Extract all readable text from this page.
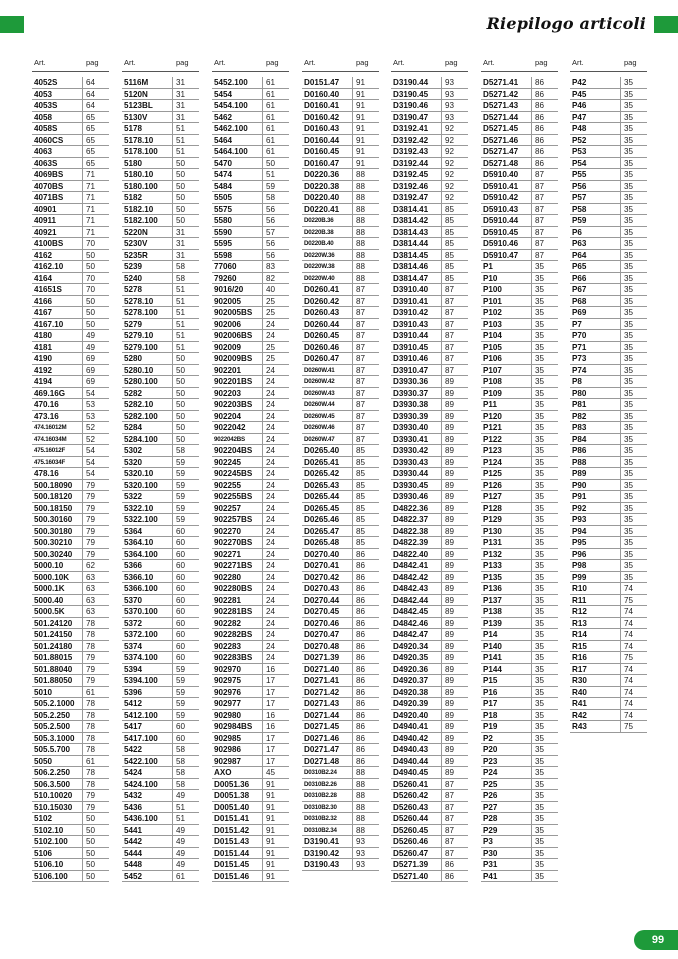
Riepilogo articoli
Art.	pag
4052S	64
4053	64
4053S	64
4058	65
4058S	65
4060CS	65
4063	65
4063S	65
4069BS	71
4070BS	71
4071BS	71
40901	71
40911	71
40921	71
4100BS	70
4162	50
4162.10	50
4164	70
41651S	70
4166	50
4167	50
4167.10	50
4180	49
4181	49
4190	69
4192	69
4194	69
469.16G	54
470.16	53
473.16	53
474.16012M	52
474.16034M	52
475.16012F	54
475.16034F	54
478.16	54
500.18090	79
500.18120	79
500.18150	79
500.30160	79
500.30180	79
500.30210	79
500.30240	79
5000.10	62
5000.10K	63
5000.1K	63
5000.40	63
5000.5K	63
501.24120	78
501.24150	78
501.24180	78
501.88015	79
501.88040	79
501.88050	79
5010	61
505.2.1000	78
505.2.250	78
505.2.500	78
505.3.1000	78
505.5.700	78
5050	61
506.2.250	78
506.3.500	78
510.10020	79
510.15030	79
5102	50
5102.10	50
5102.100	50
5106	50
5106.10	50
5106.100	50
Art.	pag
5116M	31
5120N	31
5123BL	31
5130V	31
5178	51
5178.10	51
5178.100	51
5180	50
5180.10	50
5180.100	50
5182	50
5182.10	50
5182.100	50
5220N	31
5230V	31
5235R	31
5239	58
5240	58
5278	51
5278.10	51
5278.100	51
5279	51
5279.10	51
5279.100	51
5280	50
5280.10	50
5280.100	50
5282	50
5282.10	50
5282.100	50
5284	50
5284.100	50
5302	58
5320	59
5320.10	59
5320.100	59
5322	59
5322.10	59
5322.100	59
5364	60
5364.10	60
5364.100	60
5366	60
5366.10	60
5366.100	60
5370	60
5370.100	60
5372	60
5372.100	60
5374	60
5374.100	60
5394	59
5394.100	59
5396	59
5412	59
5412.100	59
5417	60
5417.100	60
5422	58
5422.100	58
5424	58
5424.100	58
5432	49
5436	51
5436.100	51
5441	49
5442	49
5444	49
5448	49
5452	61
Art.	pag
5452.100	61
5454	61
5454.100	61
5462	61
5462.100	61
5464	61
5464.100	61
5470	50
5474	51
5484	59
5505	58
5575	56
5580	56
5590	57
5595	56
5598	56
77060	83
79260	82
9016/20	40
902005	25
902005BS	25
902006	24
902006BS	24
902009	25
902009BS	25
902201	24
902201BS	24
902203	24
902203BS	24
902204	24
9022042	24
9022042BS	24
902204BS	24
902245	24
902245BS	24
902255	24
902255BS	24
902257	24
902257BS	24
902270	24
902270BS	24
902271	24
902271BS	24
902280	24
902280BS	24
902281	24
902281BS	24
902282	24
902282BS	24
902283	24
902283BS	24
902970	16
902975	17
902976	17
902977	17
902980	16
902984BS	16
902985	17
902986	17
902987	17
AXO	45
D0051.36	91
D0051.38	91
D0051.40	91
D0151.41	91
D0151.42	91
D0151.43	91
D0151.44	91
D0151.45	91
D0151.46	91
Art.	pag
D0151.47	91
D0160.40	91
D0160.41	91
D0160.42	91
D0160.43	91
D0160.44	91
D0160.45	91
D0160.47	91
D0220.36	88
D0220.38	88
D0220.40	88
D0220.41	88
D0220B.36	88
D0220B.38	88
D0220B.40	88
D0220W.36	88
D0220W.38	88
D0220W.40	88
D0260.41	87
D0260.42	87
D0260.43	87
D0260.44	87
D0260.45	87
D0260.46	87
D0260.47	87
D0260W.41	87
D0260W.42	87
D0260W.43	87
D0260W.44	87
D0260W.45	87
D0260W.46	87
D0260W.47	87
D0265.40	85
D0265.41	85
D0265.42	85
D0265.43	85
D0265.44	85
D0265.45	85
D0265.46	85
D0265.47	85
D0265.48	85
D0270.40	86
D0270.41	86
D0270.42	86
D0270.43	86
D0270.44	86
D0270.45	86
D0270.46	86
D0270.47	86
D0270.48	86
D0271.39	86
D0271.40	86
D0271.41	86
D0271.42	86
D0271.43	86
D0271.44	86
D0271.45	86
D0271.46	86
D0271.47	86
D0271.48	86
D0310B2.24	88
D0310B2.26	88
D0310B2.28	88
D0310B2.30	88
D0310B2.32	88
D0310B2.34	88
D3190.41	93
D3190.42	93
D3190.43	93
Art.	pag
D3190.44	93
D3190.45	93
D3190.46	93
D3190.47	93
D3192.41	92
D3192.42	92
D3192.43	92
D3192.44	92
D3192.45	92
D3192.46	92
D3192.47	92
D3814.41	85
D3814.42	85
D3814.43	85
D3814.44	85
D3814.45	85
D3814.46	85
D3814.47	85
D3910.40	87
D3910.41	87
D3910.42	87
D3910.43	87
D3910.44	87
D3910.45	87
D3910.46	87
D3910.47	87
D3930.36	89
D3930.37	89
D3930.38	89
D3930.39	89
D3930.40	89
D3930.41	89
D3930.42	89
D3930.43	89
D3930.44	89
D3930.45	89
D3930.46	89
D4822.36	89
D4822.37	89
D4822.38	89
D4822.39	89
D4822.40	89
D4842.41	89
D4842.42	89
D4842.43	89
D4842.44	89
D4842.45	89
D4842.46	89
D4842.47	89
D4920.34	89
D4920.35	89
D4920.36	89
D4920.37	89
D4920.38	89
D4920.39	89
D4920.40	89
D4940.41	89
D4940.42	89
D4940.43	89
D4940.44	89
D4940.45	89
D5260.41	87
D5260.42	87
D5260.43	87
D5260.44	87
D5260.45	87
D5260.46	87
D5260.47	87
D5271.39	86
D5271.40	86
Art.	pag
D5271.41	86
D5271.42	86
D5271.43	86
D5271.44	86
D5271.45	86
D5271.46	86
D5271.47	86
D5271.48	86
D5910.40	87
D5910.41	87
D5910.42	87
D5910.43	87
D5910.44	87
D5910.45	87
D5910.46	87
D5910.47	87
P1	35
P10	35
P100	35
P101	35
P102	35
P103	35
P104	35
P105	35
P106	35
P107	35
P108	35
P109	35
P11	35
P120	35
P121	35
P122	35
P123	35
P124	35
P125	35
P126	35
P127	35
P128	35
P129	35
P130	35
P131	35
P132	35
P133	35
P135	35
P136	35
P137	35
P138	35
P139	35
P14	35
P140	35
P141	35
P144	35
P15	35
P16	35
P17	35
P18	35
P19	35
P2	35
P20	35
P23	35
P24	35
P25	35
P26	35
P27	35
P28	35
P29	35
P3	35
P30	35
P31	35
P41	35
Art.	pag
P42	35
P45	35
P46	35
P47	35
P48	35
P52	35
P53	35
P54	35
P55	35
P56	35
P57	35
P58	35
P59	35
P6	35
P63	35
P64	35
P65	35
P66	35
P67	35
P68	35
P69	35
P7	35
P70	35
P71	35
P73	35
P74	35
P8	35
P80	35
P81	35
P82	35
P83	35
P84	35
P86	35
P88	35
P89	35
P90	35
P91	35
P92	35
P93	35
P94	35
P95	35
P96	35
P98	35
P99	35
R10	74
R11	75
R12	74
R13	74
R14	74
R15	74
R16	75
R17	74
R30	74
R40	74
R41	74
R42	74
R43	75
99
